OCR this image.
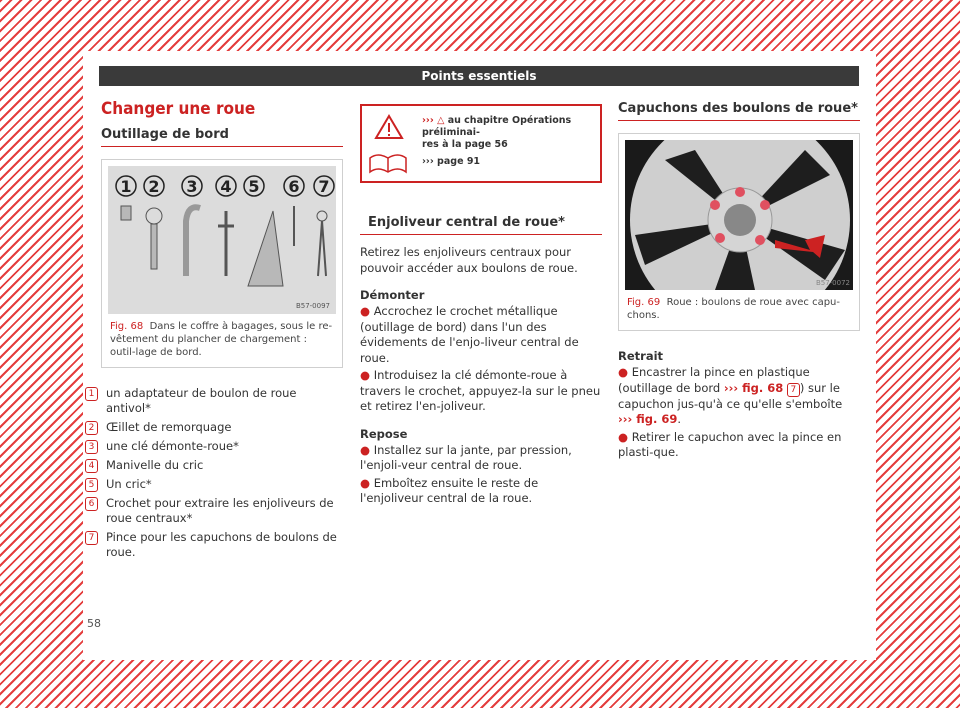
Points essentiels
Changer une roue
Outillage de bord
1 2 3 4 5 6 7
B57-0097
Fig. 68 Dans le coffre à bagages, sous le re-vêtement du plancher de chargement : outil-lage de bord.
1	un adaptateur de boulon de roue antivol*
2	Œillet de remorquage
3	une clé démonte-roue*
4	Manivelle du cric
5	Un cric*
6	Crochet pour extraire les enjoliveurs de roue centraux*
7	Pince pour les capuchons de boulons de roue.
››› △ au chapitre Opérations préliminai-
res à la page 56
››› page 91
Enjoliveur central de roue*
Retirez les enjoliveurs centraux pour pouvoir accéder aux boulons de roue.
Démonter
● Accrochez le crochet métallique (outillage de bord) dans l'un des évidements de l'enjo-liveur central de roue.
● Introduisez la clé démonte-roue à travers le crochet, appuyez-la sur le pneu et retirez l'en-joliveur.
Repose
● Installez sur la jante, par pression, l'enjoli-veur central de roue.
● Emboîtez ensuite le reste de l'enjoliveur central de la roue.
Capuchons des boulons de roue*
B57-0072
Fig. 69 Roue : boulons de roue avec capu-chons.
Retrait
● Encastrer la pince en plastique (outillage de bord ››› fig. 68 7 ) sur le capuchon jus-qu'à ce qu'elle s'emboîte ››› fig. 69.
● Retirer le capuchon avec la pince en plasti-que.
58
